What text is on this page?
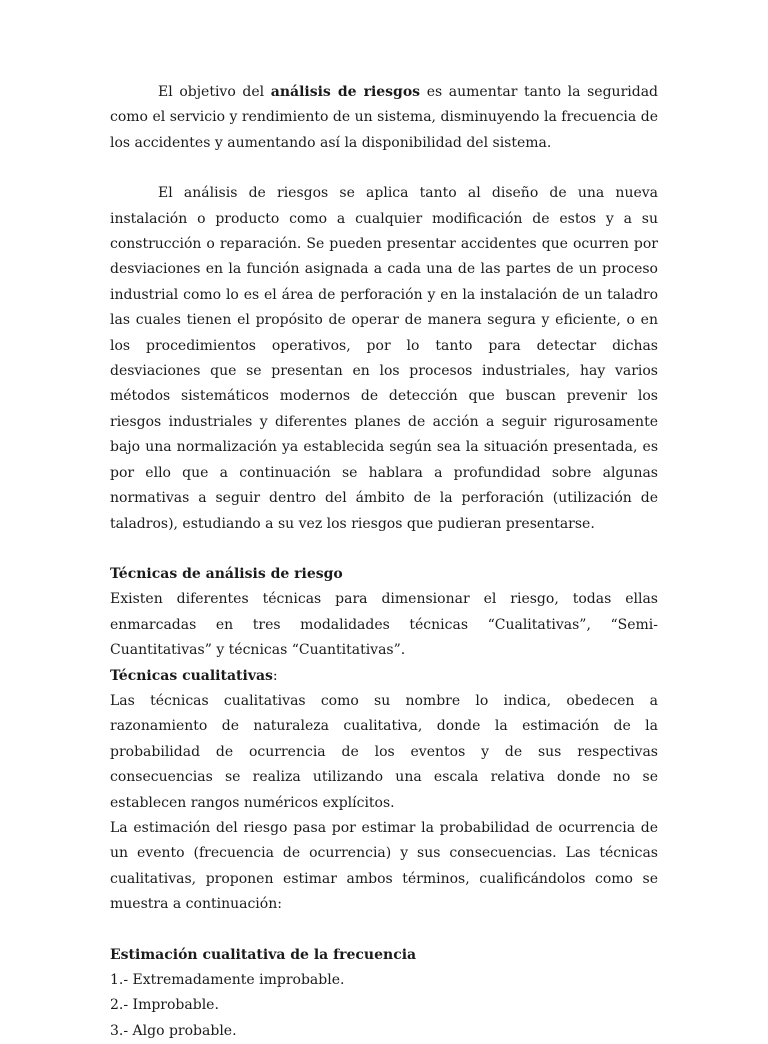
El objetivo del análisis de riesgos es aumentar tanto la seguridad como el servicio y rendimiento de un sistema, disminuyendo la frecuencia de los accidentes y aumentando así la disponibilidad del sistema.

El análisis de riesgos se aplica tanto al diseño de una nueva instalación o producto como a cualquier modificación de estos y a su construcción o reparación. Se pueden presentar accidentes que ocurren por desviaciones en la función asignada a cada una de las partes de un proceso industrial como lo es el área de perforación y en la instalación de un taladro las cuales tienen el propósito de operar de manera segura y eficiente, o en los procedimientos operativos, por lo tanto para detectar dichas desviaciones que se presentan en los procesos industriales, hay varios métodos sistemáticos modernos de detección que buscan prevenir los riesgos industriales y diferentes planes de acción a seguir rigurosamente bajo una normalización ya establecida según sea la situación presentada, es por ello que a continuación se hablara a profundidad sobre algunas normativas a seguir dentro del ámbito de la perforación (utilización de taladros), estudiando a su vez los riesgos que pudieran presentarse.

Técnicas de análisis de riesgo

Existen diferentes técnicas para dimensionar el riesgo, todas ellas enmarcadas en tres modalidades técnicas “Cualitativas”, “Semi- Cuantitativas” y técnicas “Cuantitativas”.

Técnicas cualitativas:

Las técnicas cualitativas como su nombre lo indica, obedecen a razonamiento de naturaleza cualitativa, donde la estimación de la probabilidad de ocurrencia de los eventos y de sus respectivas consecuencias se realiza utilizando una escala relativa donde no se establecen rangos numéricos explícitos.

La estimación del riesgo pasa por estimar la probabilidad de ocurrencia de un evento (frecuencia de ocurrencia) y sus consecuencias. Las técnicas cualitativas, proponen estimar ambos términos, cualificándolos como se muestra a continuación:

Estimación cualitativa de la frecuencia

1.- Extremadamente improbable.

2.- Improbable.

3.- Algo probable.
